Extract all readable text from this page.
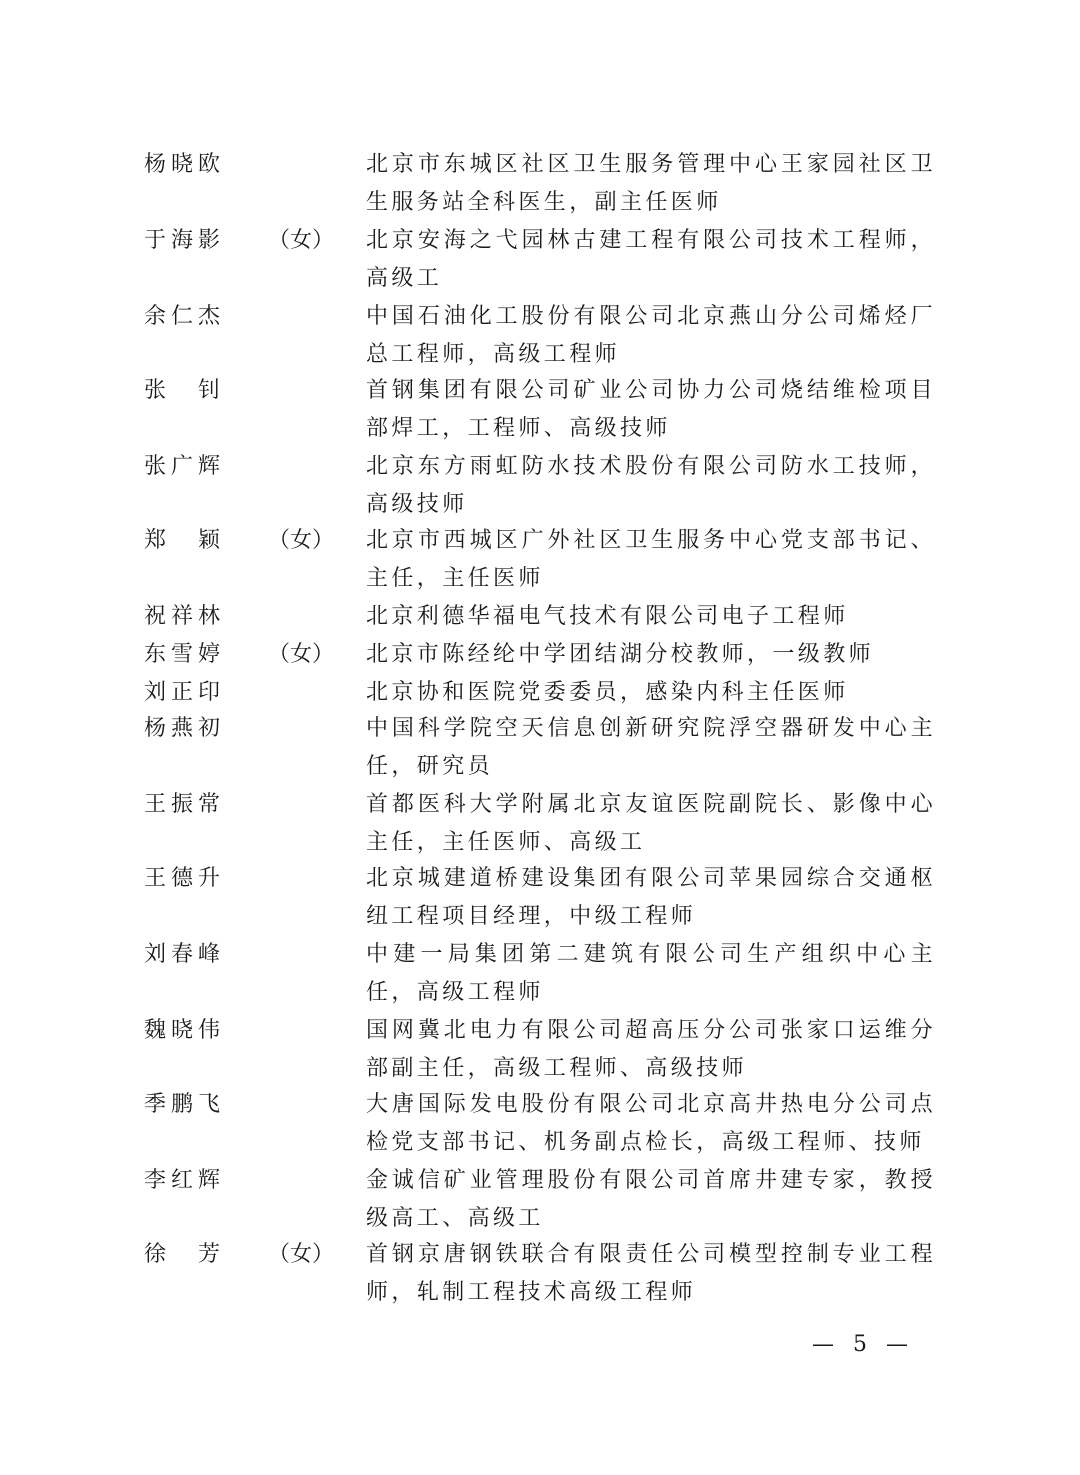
杨晓欧	北京市东城区社区卫生服务管理中心王家园社区卫生服务站全科医生，副主任医师
于海影 （女） 北京安海之弋园林古建工程有限公司技术工程师，高级工
余仁杰	中国石油化工股份有限公司北京燕山分公司烯烃厂总工程师，高级工程师
张钊	首钢集团有限公司矿业公司协力公司烧结维检项目部焊工，工程师、高级技师
张广辉	北京东方雨虹防水技术股份有限公司防水工技师，高级技师
郑颖 （女） 北京市西城区广外社区卫生服务中心党支部书记、主任，主任医师
祝祥林	北京利德华福电气技术有限公司电子工程师
东雪婷 （女） 北京市陈经纶中学团结湖分校教师，一级教师
刘正印	北京协和医院党委委员，感染内科主任医师
杨燕初	中国科学院空天信息创新研究院浮空器研发中心主任，研究员
王振常	首都医科大学附属北京友谊医院副院长、影像中心主任，主任医师、高级工
王德升	北京城建道桥建设集团有限公司苹果园综合交通枢纽工程项目经理，中级工程师
刘春峰	中建一局集团第二建筑有限公司生产组织中心主任，高级工程师
魏晓伟	国网冀北电力有限公司超高压分公司张家口运维分部副主任，高级工程师、高级技师
季鹏飞	大唐国际发电股份有限公司北京高井热电分公司点检党支部书记、机务副点检长，高级工程师、技师
李红辉	金诚信矿业管理股份有限公司首席井建专家，教授级高工、高级工
徐芳 （女） 首钢京唐钢铁联合有限责任公司模型控制专业工程师，轧制工程技术高级工程师
— 5 —
